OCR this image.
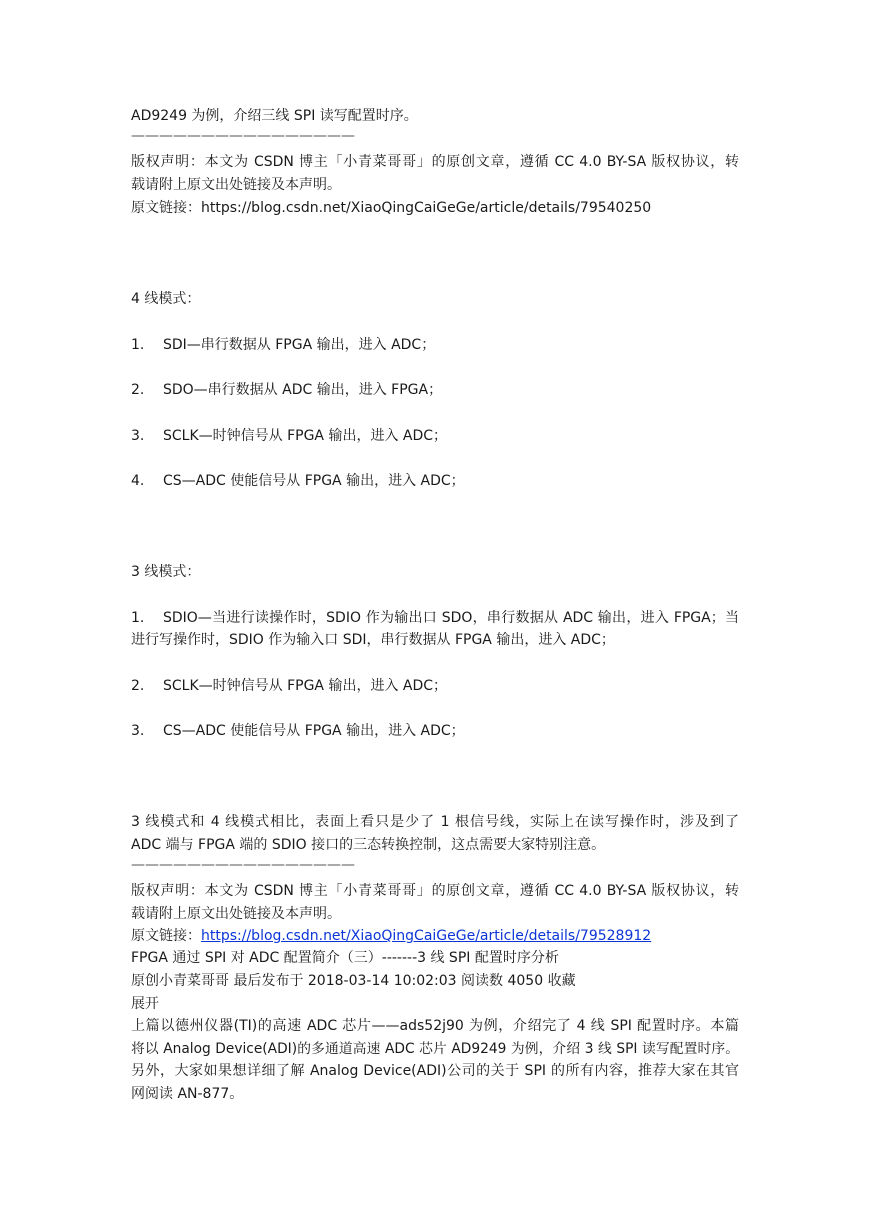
AD9249 为例，介绍三线 SPI 读写配置时序。
————————————————
版权声明：本文为 CSDN 博主「小青菜哥哥」的原创文章，遵循 CC 4.0 BY-SA 版权协议，转
载请附上原文出处链接及本声明。
原文链接：https://blog.csdn.net/XiaoQingCaiGeGe/article/details/79540250
4 线模式：
1. SDI—串行数据从 FPGA 输出，进入 ADC；
2. SDO—串行数据从 ADC 输出，进入 FPGA；
3. SCLK—时钟信号从 FPGA 输出，进入 ADC；
4. CS—ADC 使能信号从 FPGA 输出，进入 ADC；
3 线模式：
1. SDIO—当进行读操作时，SDIO 作为输出口 SDO，串行数据从 ADC 输出，进入 FPGA；当
进行写操作时，SDIO 作为输入口 SDI，串行数据从 FPGA 输出，进入 ADC；
2. SCLK—时钟信号从 FPGA 输出，进入 ADC；
3. CS—ADC 使能信号从 FPGA 输出，进入 ADC；
3 线模式和 4 线模式相比，表面上看只是少了 1 根信号线，实际上在读写操作时，涉及到了
ADC 端与 FPGA 端的 SDIO 接口的三态转换控制，这点需要大家特别注意。
————————————————
版权声明：本文为 CSDN 博主「小青菜哥哥」的原创文章，遵循 CC 4.0 BY-SA 版权协议，转
载请附上原文出处链接及本声明。
原文链接：https://blog.csdn.net/XiaoQingCaiGeGe/article/details/79528912
FPGA 通过 SPI 对 ADC 配置简介（三）-------3 线 SPI 配置时序分析
原创小青菜哥哥 最后发布于 2018-03-14 10:02:03 阅读数 4050 收藏
展开
上篇以德州仪器(TI)的高速 ADC 芯片——ads52j90 为例，介绍完了 4 线 SPI 配置时序。本篇
将以 Analog Device(ADI)的多通道高速 ADC 芯片 AD9249 为例，介绍 3 线 SPI 读写配置时序。
另外，大家如果想详细了解 Analog Device(ADI)公司的关于 SPI 的所有内容，推荐大家在其官
网阅读 AN-877。
